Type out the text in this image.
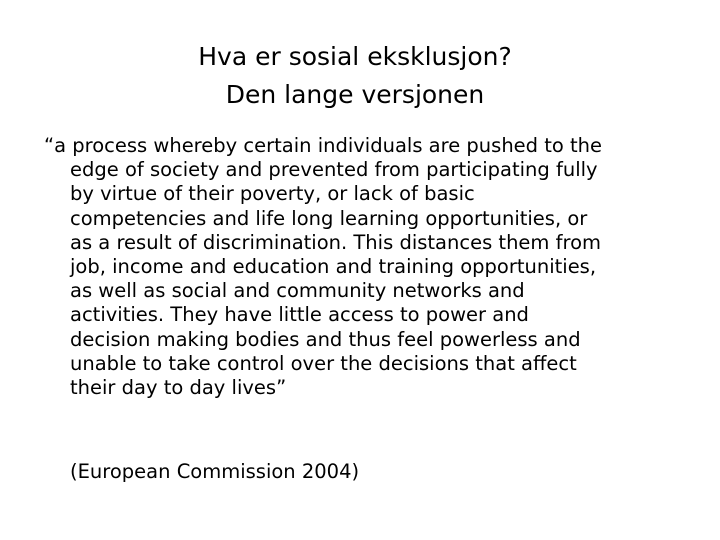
Hva er sosial eksklusjon?
Den lange versjonen
“a process whereby certain individuals are pushed to the
edge of society and prevented from participating fully
by virtue of their poverty, or lack of basic
competencies and life long learning opportunities, or
as a result of discrimination. This distances them from
job, income and education and training opportunities,
as well as social and community networks and
activities. They have little access to power and
decision making bodies and thus feel powerless and
unable to take control over the decisions that affect
their day to day lives”

(European Commission 2004)
